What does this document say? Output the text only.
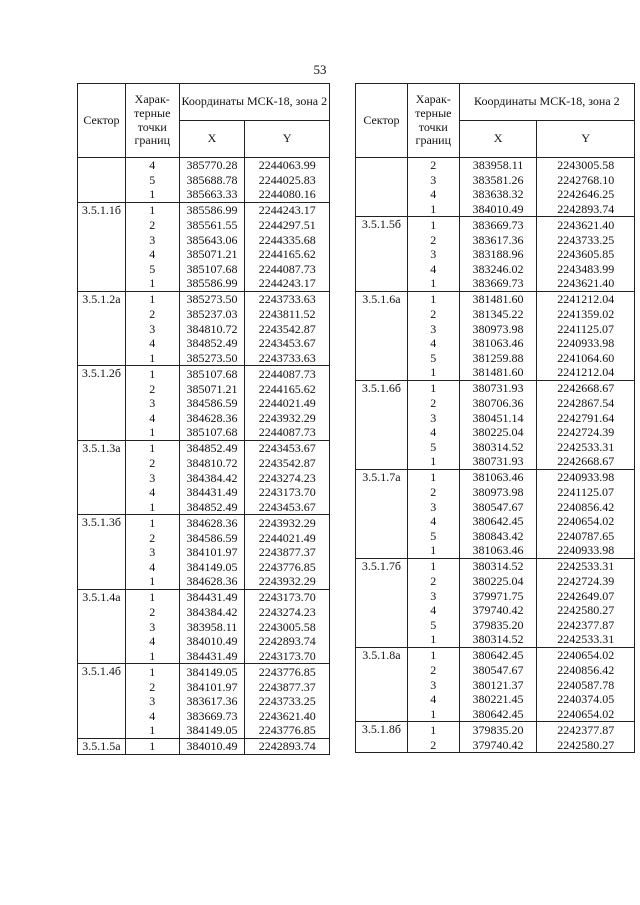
53
Сектор	Харак-терные точки границ	Координаты МСК-18, зона 2	
		X	Y
	4	385770.28	2244063.99
	5	385688.78	2244025.83
	1	385663.33	2244080.16
3.5.1.1б	1	385586.99	2244243.17
	2	385561.55	2244297.51
	3	385643.06	2244335.68
	4	385071.21	2244165.62
	5	385107.68	2244087.73
	1	385586.99	2244243.17
3.5.1.2а	1	385273.50	2243733.63
	2	385237.03	2243811.52
	3	384810.72	2243542.87
	4	384852.49	2243453.67
	1	385273.50	2243733.63
3.5.1.2б	1	385107.68	2244087.73
	2	385071.21	2244165.62
	3	384586.59	2244021.49
	4	384628.36	2243932.29
	1	385107.68	2244087.73
3.5.1.3а	1	384852.49	2243453.67
	2	384810.72	2243542.87
	3	384384.42	2243274.23
	4	384431.49	2243173.70
	1	384852.49	2243453.67
3.5.1.3б	1	384628.36	2243932.29
	2	384586.59	2244021.49
	3	384101.97	2243877.37
	4	384149.05	2243776.85
	1	384628.36	2243932.29
3.5.1.4а	1	384431.49	2243173.70
	2	384384.42	2243274.23
	3	383958.11	2243005.58
	4	384010.49	2242893.74
	1	384431.49	2243173.70
3.5.1.4б	1	384149.05	2243776.85
	2	384101.97	2243877.37
	3	383617.36	2243733.25
	4	383669.73	2243621.40
	1	384149.05	2243776.85
3.5.1.5а	1	384010.49	2242893.74
Сектор	Харак-терные точки границ	Координаты МСК-18, зона 2	
		X	Y
	2	383958.11	2243005.58
	3	383581.26	2242768.10
	4	383638.32	2242646.25
	1	384010.49	2242893.74
3.5.1.5б	1	383669.73	2243621.40
	2	383617.36	2243733.25
	3	383188.96	2243605.85
	4	383246.02	2243483.99
	1	383669.73	2243621.40
3.5.1.6а	1	381481.60	2241212.04
	2	381345.22	2241359.02
	3	380973.98	2241125.07
	4	381063.46	2240933.98
	5	381259.88	2241064.60
	1	381481.60	2241212.04
3.5.1.6б	1	380731.93	2242668.67
	2	380706.36	2242867.54
	3	380451.14	2242791.64
	4	380225.04	2242724.39
	5	380314.52	2242533.31
	1	380731.93	2242668.67
3.5.1.7а	1	381063.46	2240933.98
	2	380973.98	2241125.07
	3	380547.67	2240856.42
	4	380642.45	2240654.02
	5	380843.42	2240787.65
	1	381063.46	2240933.98
3.5.1.7б	1	380314.52	2242533.31
	2	380225.04	2242724.39
	3	379971.75	2242649.07
	4	379740.42	2242580.27
	5	379835.20	2242377.87
	1	380314.52	2242533.31
3.5.1.8а	1	380642.45	2240654.02
	2	380547.67	2240856.42
	3	380121.37	2240587.78
	4	380221.45	2240374.05
	1	380642.45	2240654.02
3.5.1.8б	1	379835.20	2242377.87
	2	379740.42	2242580.27
